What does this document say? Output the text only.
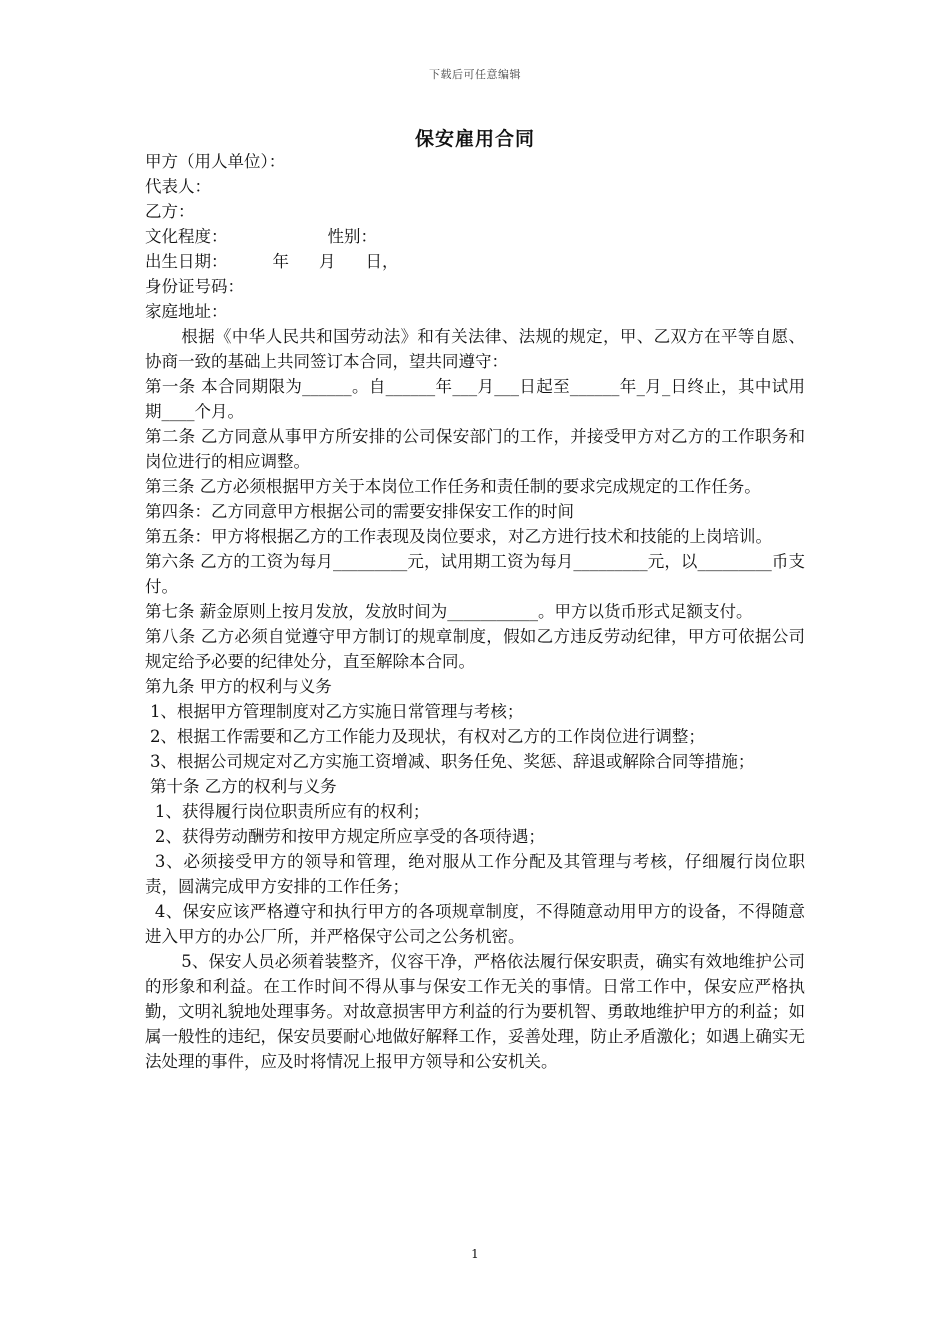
下载后可任意编辑
保安雇用合同
甲方（用人单位）：
代表人：
乙方：
文化程度：	性别：
出生日期：	年 月 日，
身份证号码：
家庭地址：
根据《中华人民共和国劳动法》和有关法律、法规的规定，甲、乙双方在平等自愿、协商一致的基础上共同签订本合同，望共同遵守：
第一条 本合同期限为______。自______年___月___日起至______年_月_日终止，其中试用期____个月。
第二条 乙方同意从事甲方所安排的公司保安部门的工作，并接受甲方对乙方的工作职务和岗位进行的相应调整。
第三条 乙方必须根据甲方关于本岗位工作任务和责任制的要求完成规定的工作任务。
第四条：乙方同意甲方根据公司的需要安排保安工作的时间
第五条：甲方将根据乙方的工作表现及岗位要求，对乙方进行技术和技能的上岗培训。
第六条 乙方的工资为每月_________元，试用期工资为每月_________元，以_________币支付。
第七条 薪金原则上按月发放，发放时间为___________。甲方以货币形式足额支付。
第八条 乙方必须自觉遵守甲方制订的规章制度，假如乙方违反劳动纪律，甲方可依据公司规定给予必要的纪律处分，直至解除本合同。
第九条 甲方的权利与义务
1、根据甲方管理制度对乙方实施日常管理与考核；
2、根据工作需要和乙方工作能力及现状，有权对乙方的工作岗位进行调整；
3、根据公司规定对乙方实施工资增减、职务任免、奖惩、辞退或解除合同等措施；
第十条 乙方的权利与义务
1、获得履行岗位职责所应有的权利；
2、获得劳动酬劳和按甲方规定所应享受的各项待遇；
3、必须接受甲方的领导和管理，绝对服从工作分配及其管理与考核，仔细履行岗位职责，圆满完成甲方安排的工作任务；
4、保安应该严格遵守和执行甲方的各项规章制度，不得随意动用甲方的设备，不得随意进入甲方的办公厂所，并严格保守公司之公务机密。
5、保安人员必须着装整齐，仪容干净，严格依法履行保安职责，确实有效地维护公司的形象和利益。在工作时间不得从事与保安工作无关的事情。日常工作中，保安应严格执勤，文明礼貌地处理事务。对故意损害甲方利益的行为要机智、勇敢地维护甲方的利益；如属一般性的违纪，保安员要耐心地做好解释工作，妥善处理，防止矛盾激化；如遇上确实无法处理的事件，应及时将情况上报甲方领导和公安机关。
1
